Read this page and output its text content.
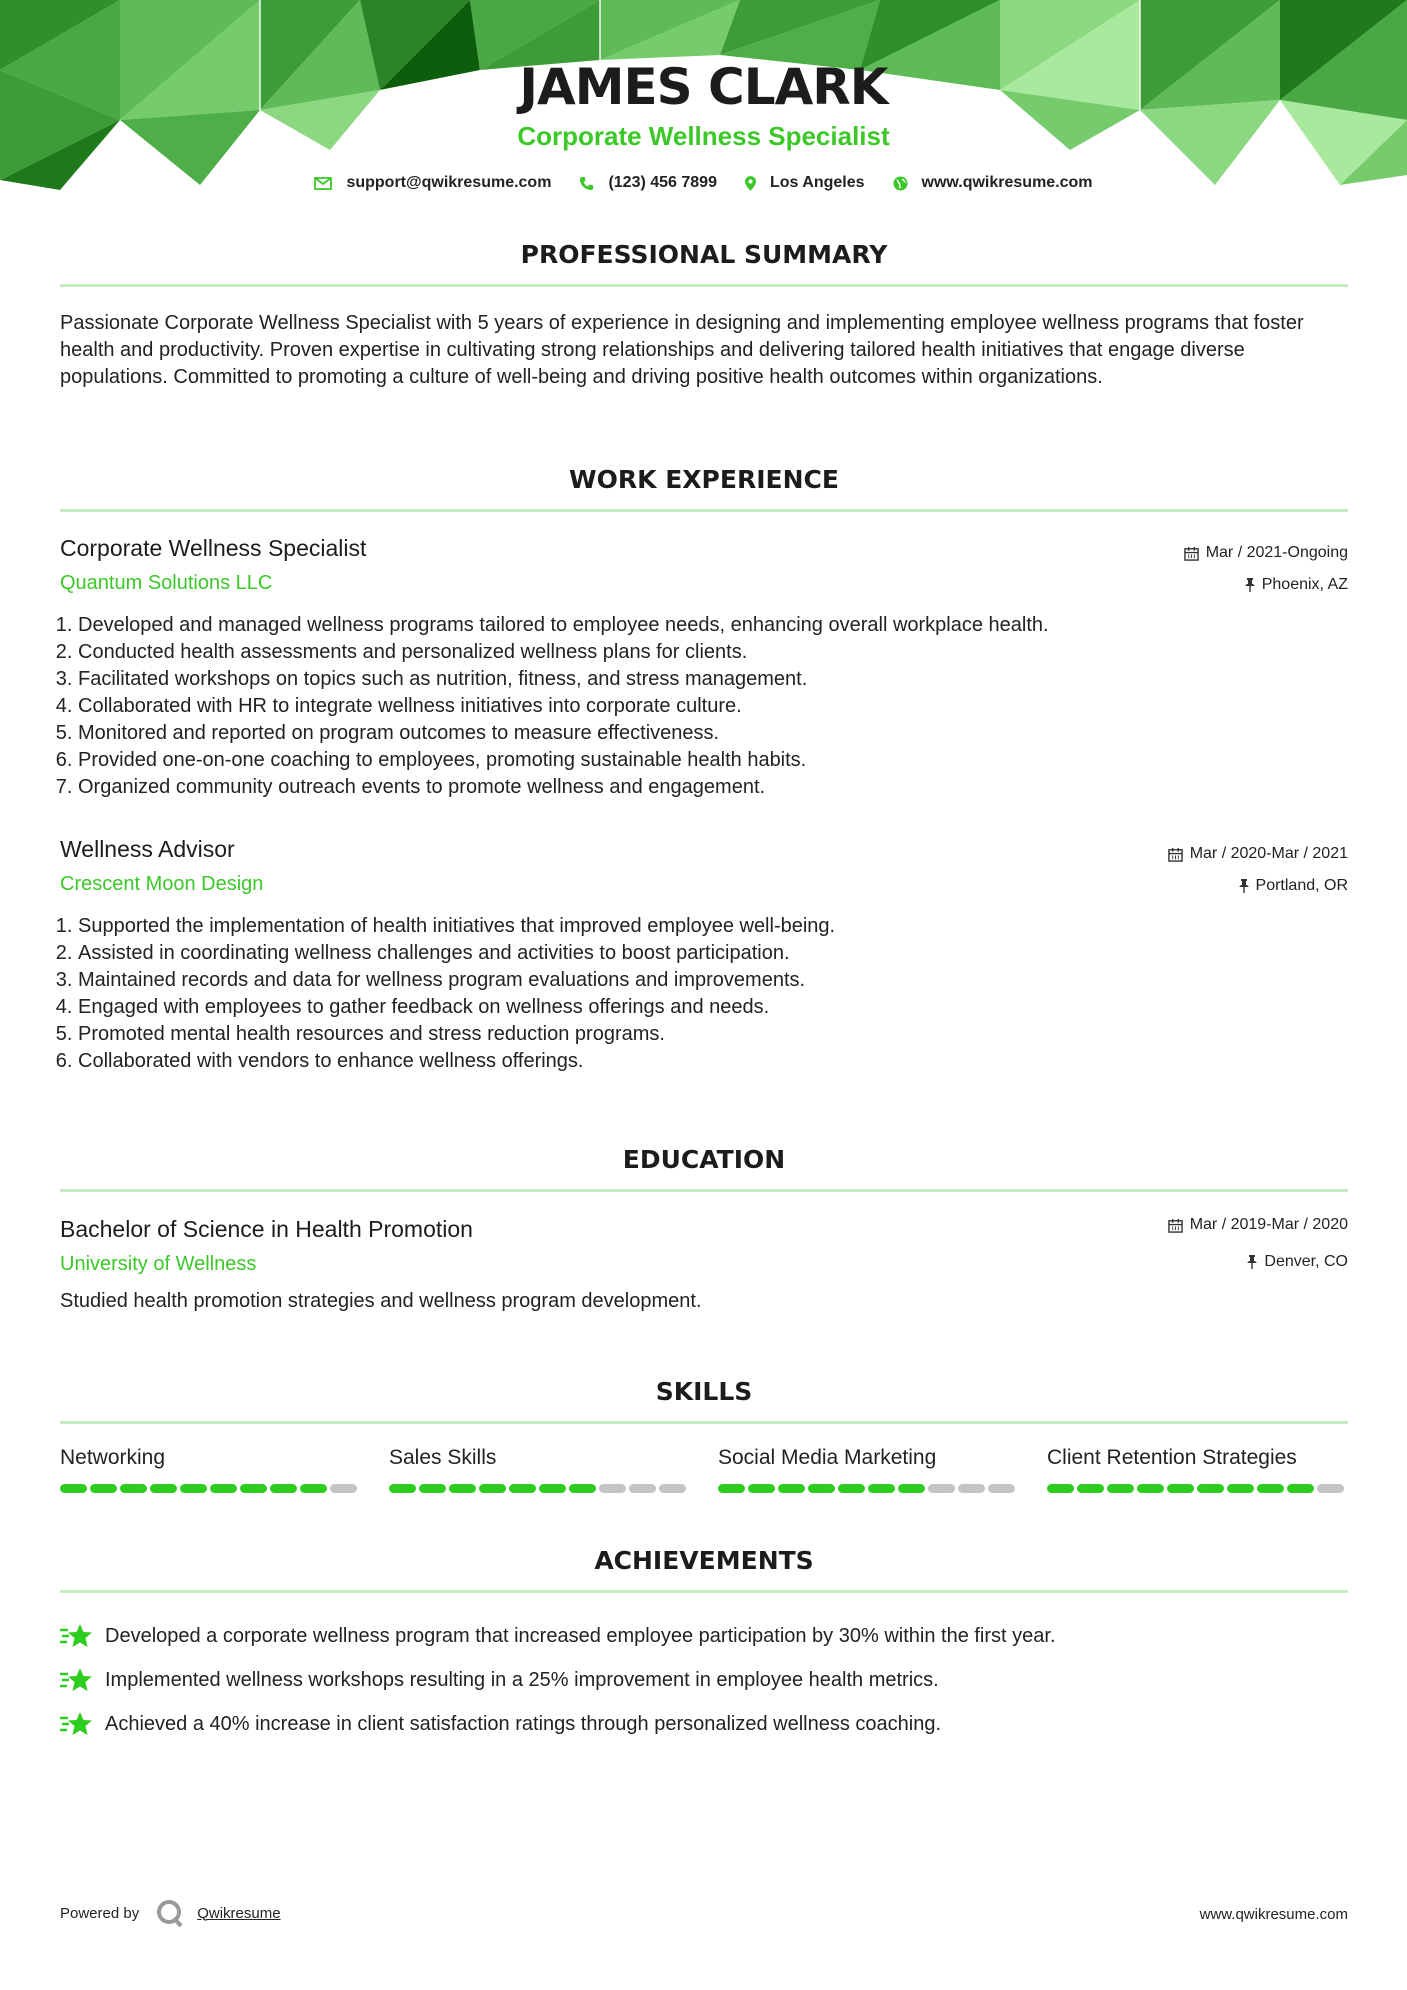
JAMES CLARK
Corporate Wellness Specialist
support@qwikresume.com	(123) 456 7899	Los Angeles	www.qwikresume.com
PROFESSIONAL SUMMARY
Passionate Corporate Wellness Specialist with 5 years of experience in designing and implementing employee wellness programs that foster health and productivity. Proven expertise in cultivating strong relationships and delivering tailored health initiatives that engage diverse populations. Committed to promoting a culture of well-being and driving positive health outcomes within organizations.
WORK EXPERIENCE
Corporate Wellness Specialist
Quantum Solutions LLC
Mar / 2021-Ongoing
Phoenix, AZ
1. Developed and managed wellness programs tailored to employee needs, enhancing overall workplace health.
2. Conducted health assessments and personalized wellness plans for clients.
3. Facilitated workshops on topics such as nutrition, fitness, and stress management.
4. Collaborated with HR to integrate wellness initiatives into corporate culture.
5. Monitored and reported on program outcomes to measure effectiveness.
6. Provided one-on-one coaching to employees, promoting sustainable health habits.
7. Organized community outreach events to promote wellness and engagement.
Wellness Advisor
Crescent Moon Design
Mar / 2020-Mar / 2021
Portland, OR
1. Supported the implementation of health initiatives that improved employee well-being.
2. Assisted in coordinating wellness challenges and activities to boost participation.
3. Maintained records and data for wellness program evaluations and improvements.
4. Engaged with employees to gather feedback on wellness offerings and needs.
5. Promoted mental health resources and stress reduction programs.
6. Collaborated with vendors to enhance wellness offerings.
EDUCATION
Bachelor of Science in Health Promotion
University of Wellness
Mar / 2019-Mar / 2020
Denver, CO
Studied health promotion strategies and wellness program development.
SKILLS
Networking	Sales Skills	Social Media Marketing	Client Retention Strategies
ACHIEVEMENTS
Developed a corporate wellness program that increased employee participation by 30% within the first year.
Implemented wellness workshops resulting in a 25% improvement in employee health metrics.
Achieved a 40% increase in client satisfaction ratings through personalized wellness coaching.
Powered by	Qwikresume	www.qwikresume.com
